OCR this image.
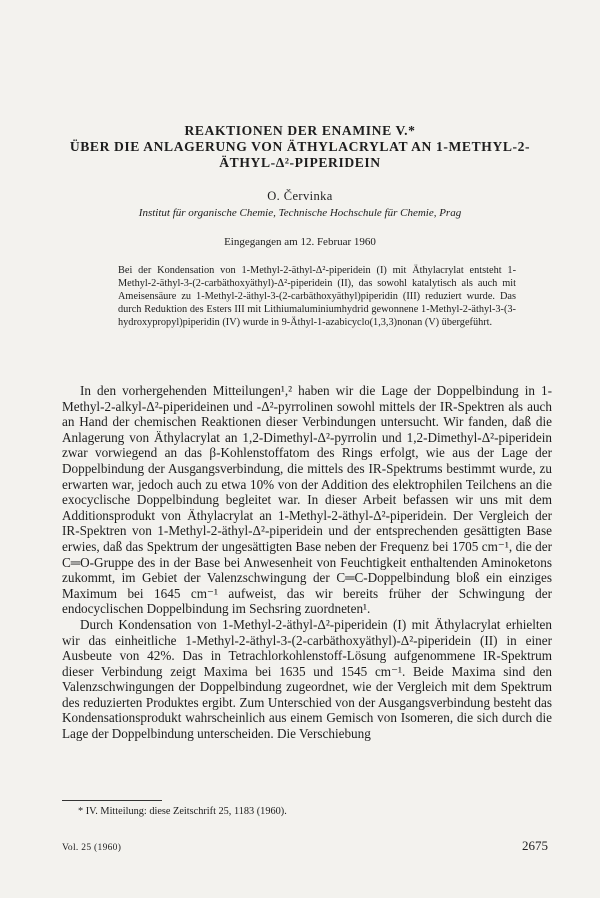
REAKTIONEN DER ENAMINE V.*
ÜBER DIE ANLAGERUNG VON ÄTHYLACRYLAT AN 1-METHYL-2-
ÄTHYL-Δ²-PIPERIDEIN
O. Červinka
Institut für organische Chemie, Technische Hochschule für Chemie, Prag
Eingegangen am 12. Februar 1960

Bei der Kondensation von 1-Methyl-2-äthyl-Δ²-piperidein (I) mit Äthylacrylat entsteht 1-Methyl-2-äthyl-3-(2-carbäthoxyäthyl)-Δ²-piperidein (II), das sowohl katalytisch als auch mit Ameisensäure zu 1-Methyl-2-äthyl-3-(2-carbäthoxyäthyl)piperidin (III) reduziert wurde. Das durch Reduktion des Esters III mit Lithiumaluminiumhydrid gewonnene 1-Methyl-2-äthyl-3-(3-hydroxypropyl)piperidin (IV) wurde in 9-Äthyl-1-azabicyclo(1,3,3)nonan (V) übergeführt.

In den vorhergehenden Mitteilungen¹,² haben wir die Lage der Doppelbindung in 1-Methyl-2-alkyl-Δ²-piperideinen und -Δ²-pyrrolinen sowohl mittels der IR-Spektren als auch an Hand der chemischen Reaktionen dieser Verbindungen untersucht. Wir fanden, daß die Anlagerung von Äthylacrylat an 1,2-Dimethyl-Δ²-pyrrolin und 1,2-Dimethyl-Δ²-piperidein zwar vorwiegend an das β-Kohlenstoffatom des Rings erfolgt, wie aus der Lage der Doppelbindung der Ausgangsverbindung, die mittels des IR-Spektrums bestimmt wurde, zu erwarten war, jedoch auch zu etwa 10% von der Addition des elektrophilen Teilchens an die exocyclische Doppelbindung begleitet war. In dieser Arbeit befassen wir uns mit dem Additionsprodukt von Äthylacrylat an 1-Methyl-2-äthyl-Δ²-piperidein. Der Vergleich der IR-Spektren von 1-Methyl-2-äthyl-Δ²-piperidein und der entsprechenden gesättigten Base erwies, daß das Spektrum der ungesättigten Base neben der Frequenz bei 1705 cm⁻¹, die der C═O-Gruppe des in der Base bei Anwesenheit von Feuchtigkeit enthaltenden Aminoketons zukommt, im Gebiet der Valenzschwingung der C═C-Doppelbindung bloß ein einziges Maximum bei 1645 cm⁻¹ aufweist, das wir bereits früher der Schwingung der endocyclischen Doppelbindung im Sechsring zuordneten¹.

Durch Kondensation von 1-Methyl-2-äthyl-Δ²-piperidein (I) mit Äthylacrylat erhielten wir das einheitliche 1-Methyl-2-äthyl-3-(2-carbäthoxyäthyl)-Δ²-piperidein (II) in einer Ausbeute von 42%. Das in Tetrachlorkohlenstoff-Lösung aufgenommene IR-Spektrum dieser Verbindung zeigt Maxima bei 1635 und 1545 cm⁻¹. Beide Maxima sind den Valenzschwingungen der Doppelbindung zugeordnet, wie der Vergleich mit dem Spektrum des reduzierten Produktes ergibt. Zum Unterschied von der Ausgangsverbindung besteht das Kondensationsprodukt wahrscheinlich aus einem Gemisch von Isomeren, die sich durch die Lage der Doppelbindung unterscheiden. Die Verschiebung

* IV. Mitteilung: diese Zeitschrift 25, 1183 (1960).
Vol. 25 (1960)	2675
